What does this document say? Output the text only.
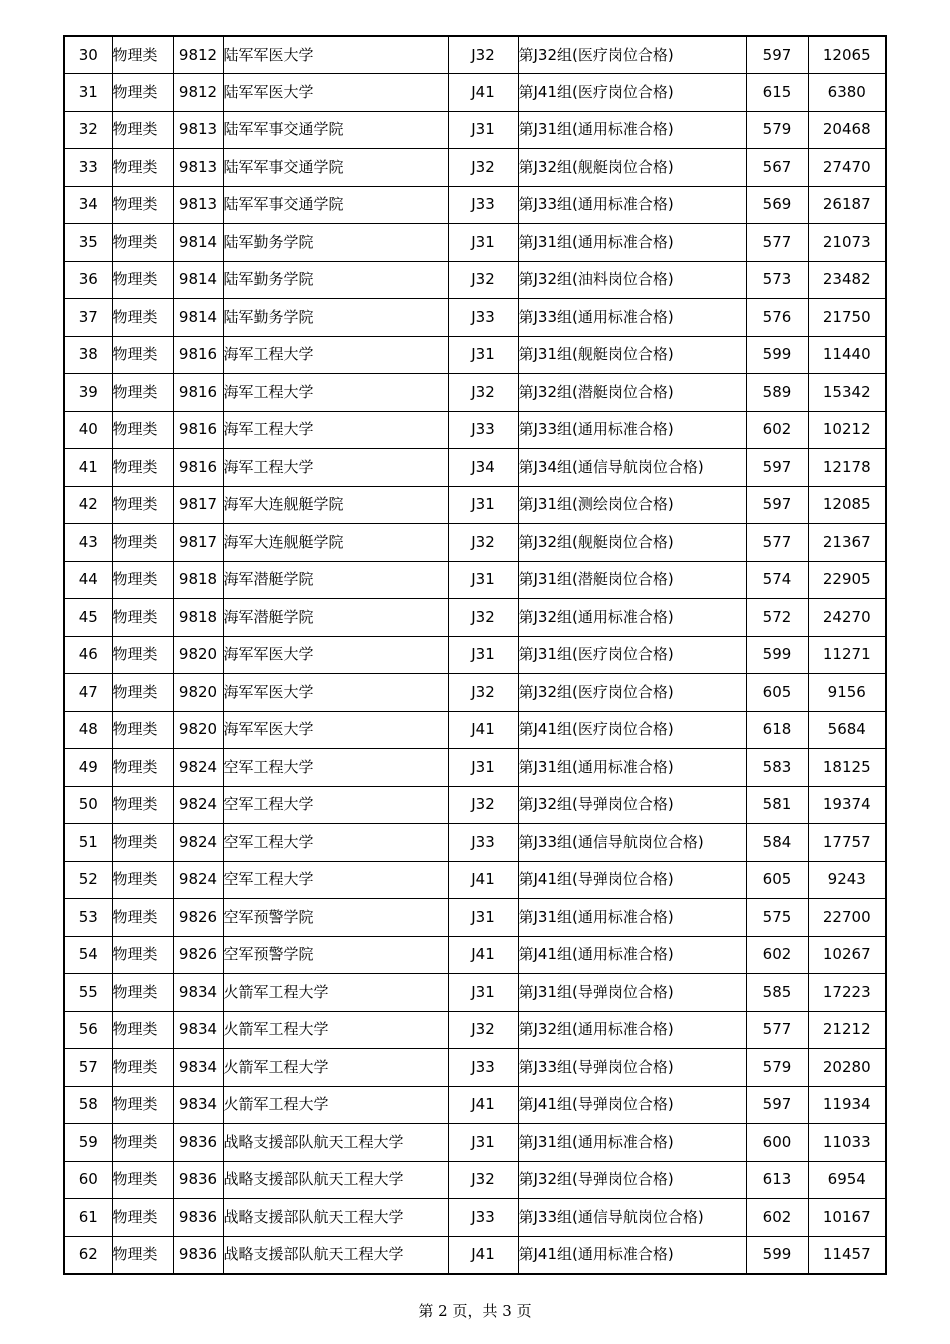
30	物理类	9812	陆军军医大学	J32	第J32组(医疗岗位合格)	597	12065
31	物理类	9812	陆军军医大学	J41	第J41组(医疗岗位合格)	615	6380
32	物理类	9813	陆军军事交通学院	J31	第J31组(通用标准合格)	579	20468
33	物理类	9813	陆军军事交通学院	J32	第J32组(舰艇岗位合格)	567	27470
34	物理类	9813	陆军军事交通学院	J33	第J33组(通用标准合格)	569	26187
35	物理类	9814	陆军勤务学院	J31	第J31组(通用标准合格)	577	21073
36	物理类	9814	陆军勤务学院	J32	第J32组(油料岗位合格)	573	23482
37	物理类	9814	陆军勤务学院	J33	第J33组(通用标准合格)	576	21750
38	物理类	9816	海军工程大学	J31	第J31组(舰艇岗位合格)	599	11440
39	物理类	9816	海军工程大学	J32	第J32组(潜艇岗位合格)	589	15342
40	物理类	9816	海军工程大学	J33	第J33组(通用标准合格)	602	10212
41	物理类	9816	海军工程大学	J34	第J34组(通信导航岗位合格)	597	12178
42	物理类	9817	海军大连舰艇学院	J31	第J31组(测绘岗位合格)	597	12085
43	物理类	9817	海军大连舰艇学院	J32	第J32组(舰艇岗位合格)	577	21367
44	物理类	9818	海军潜艇学院	J31	第J31组(潜艇岗位合格)	574	22905
45	物理类	9818	海军潜艇学院	J32	第J32组(通用标准合格)	572	24270
46	物理类	9820	海军军医大学	J31	第J31组(医疗岗位合格)	599	11271
47	物理类	9820	海军军医大学	J32	第J32组(医疗岗位合格)	605	9156
48	物理类	9820	海军军医大学	J41	第J41组(医疗岗位合格)	618	5684
49	物理类	9824	空军工程大学	J31	第J31组(通用标准合格)	583	18125
50	物理类	9824	空军工程大学	J32	第J32组(导弹岗位合格)	581	19374
51	物理类	9824	空军工程大学	J33	第J33组(通信导航岗位合格)	584	17757
52	物理类	9824	空军工程大学	J41	第J41组(导弹岗位合格)	605	9243
53	物理类	9826	空军预警学院	J31	第J31组(通用标准合格)	575	22700
54	物理类	9826	空军预警学院	J41	第J41组(通用标准合格)	602	10267
55	物理类	9834	火箭军工程大学	J31	第J31组(导弹岗位合格)	585	17223
56	物理类	9834	火箭军工程大学	J32	第J32组(通用标准合格)	577	21212
57	物理类	9834	火箭军工程大学	J33	第J33组(导弹岗位合格)	579	20280
58	物理类	9834	火箭军工程大学	J41	第J41组(导弹岗位合格)	597	11934
59	物理类	9836	战略支援部队航天工程大学	J31	第J31组(通用标准合格)	600	11033
60	物理类	9836	战略支援部队航天工程大学	J32	第J32组(导弹岗位合格)	613	6954
61	物理类	9836	战略支援部队航天工程大学	J33	第J33组(通信导航岗位合格)	602	10167
62	物理类	9836	战略支援部队航天工程大学	J41	第J41组(通用标准合格)	599	11457
第 2 页，共 3 页
